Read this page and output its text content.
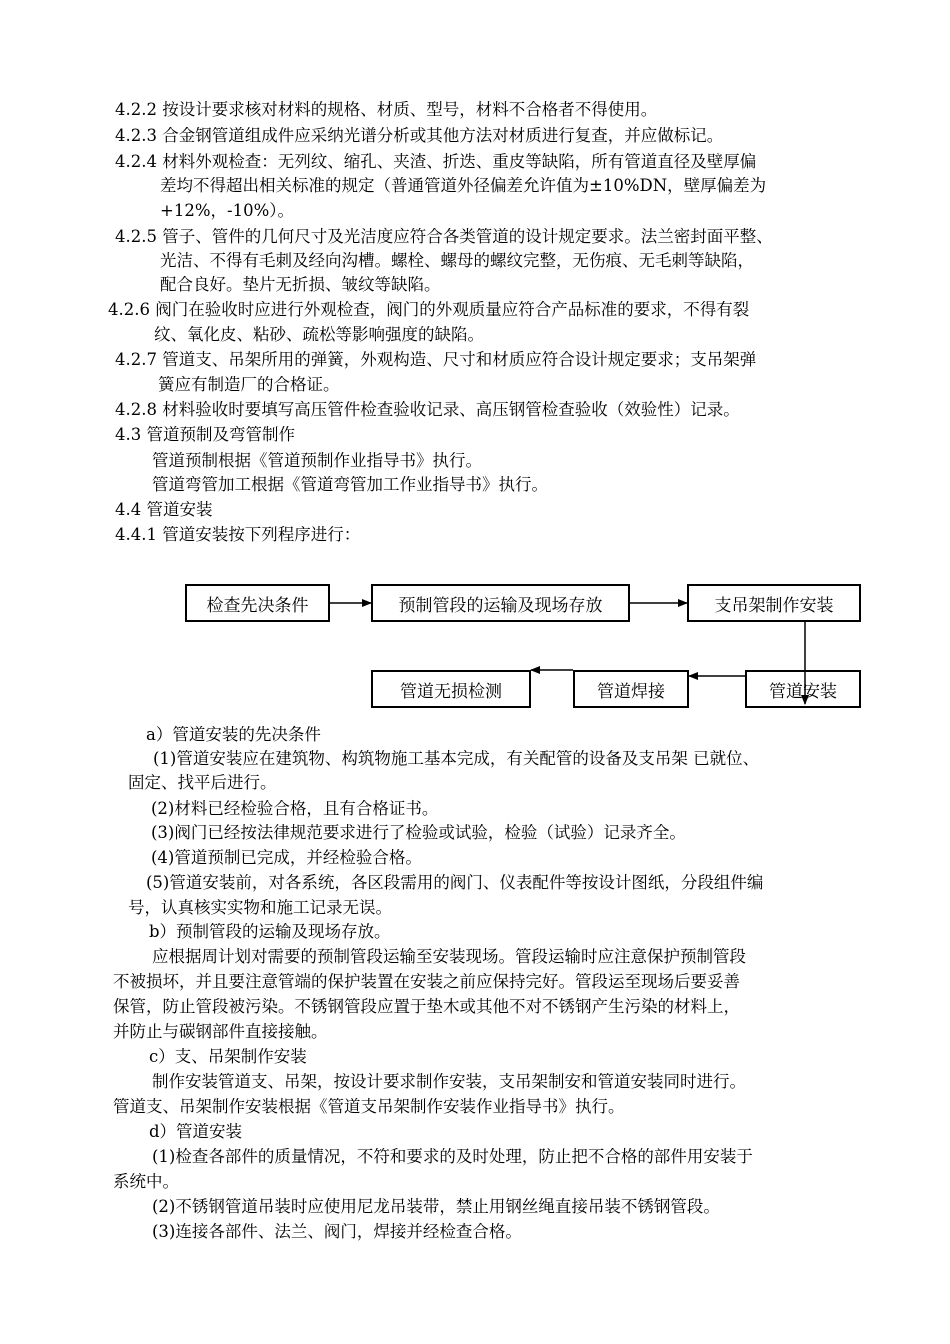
4.2.2 按设计要求核对材料的规格、材质、型号，材料不合格者不得使用。
4.2.3 合金钢管道组成件应采纳光谱分析或其他方法对材质进行复查，并应做标记。
4.2.4 材料外观检查：无列纹、缩孔、夹渣、折迭、重皮等缺陷，所有管道直径及壁厚偏
差均不得超出相关标准的规定（普通管道外径偏差允许值为±10%DN，壁厚偏差为
+12%，-10%）。
4.2.5 管子、管件的几何尺寸及光洁度应符合各类管道的设计规定要求。法兰密封面平整、
光洁、不得有毛刺及经向沟槽。螺栓、螺母的螺纹完整，无伤痕、无毛刺等缺陷，
配合良好。垫片无折损、皱纹等缺陷。
4.2.6 阀门在验收时应进行外观检查，阀门的外观质量应符合产品标准的要求，不得有裂
纹、氧化皮、粘砂、疏松等影响强度的缺陷。
4.2.7 管道支、吊架所用的弹簧，外观构造、尺寸和材质应符合设计规定要求；支吊架弹
簧应有制造厂的合格证。
4.2.8 材料验收时要填写高压管件检查验收记录、高压钢管检查验收（效验性）记录。
4.3 管道预制及弯管制作
管道预制根据《管道预制作业指导书》执行。
管道弯管加工根据《管道弯管加工作业指导书》执行。
4.4 管道安装
4.4.1 管道安装按下列程序进行：
检查先决条件	预制管段的运输及现场存放	支吊架制作安装
管道安装
管道焊接
管道无损检测
a）管道安装的先决条件
(1)管道安装应在建筑物、构筑物施工基本完成，有关配管的设备及支吊架 已就位、
固定、找平后进行。
(2)材料已经检验合格，且有合格证书。
(3)阀门已经按法律规范要求进行了检验或试验，检验（试验）记录齐全。
(4)管道预制已完成，并经检验合格。
(5)管道安装前，对各系统，各区段需用的阀门、仪表配件等按设计图纸，分段组件编
号，认真核实实物和施工记录无误。
b）预制管段的运输及现场存放。
应根据周计划对需要的预制管段运输至安装现场。管段运输时应注意保护预制管段
不被损坏，并且要注意管端的保护装置在安装之前应保持完好。管段运至现场后要妥善
保管，防止管段被污染。不锈钢管段应置于垫木或其他不对不锈钢产生污染的材料上，
并防止与碳钢部件直接接触。
c）支、吊架制作安装
制作安装管道支、吊架，按设计要求制作安装，支吊架制安和管道安装同时进行。
管道支、吊架制作安装根据《管道支吊架制作安装作业指导书》执行。
d）管道安装
(1)检查各部件的质量情况，不符和要求的及时处理，防止把不合格的部件用安装于
系统中。
(2)不锈钢管道吊装时应使用尼龙吊装带，禁止用钢丝绳直接吊装不锈钢管段。
(3)连接各部件、法兰、阀门，焊接并经检查合格。
